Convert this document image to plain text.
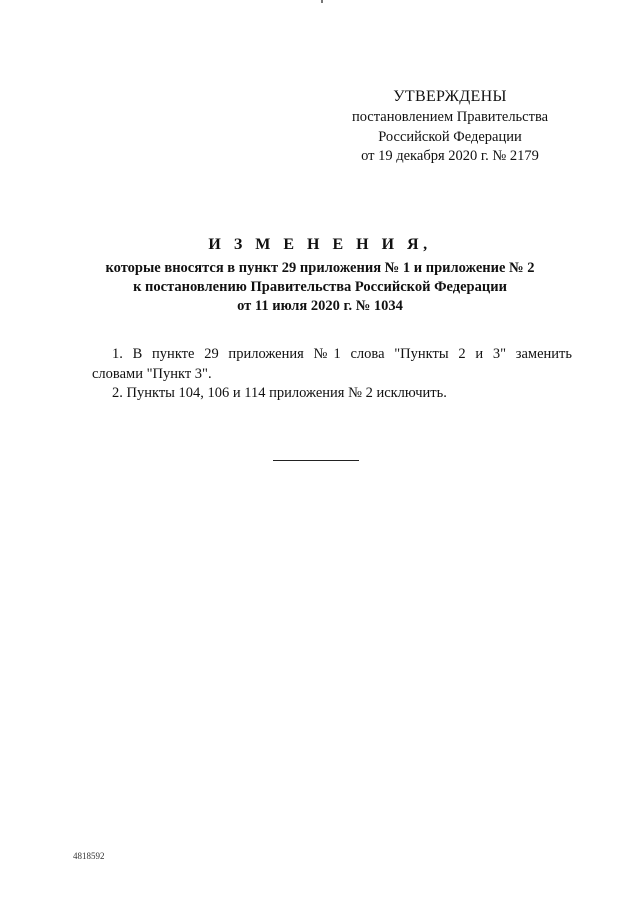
УТВЕРЖДЕНЫ
постановлением Правительства
Российской Федерации
от 19 декабря 2020 г. № 2179
И З М Е Н Е Н И Я,
которые вносятся в пункт 29 приложения № 1 и приложение № 2
к постановлению Правительства Российской Федерации
от 11 июля 2020 г. № 1034
1. В пункте 29 приложения №1 слова "Пункты 2 и 3" заменить
словами "Пункт 3".

2. Пункты 104, 106 и 114 приложения № 2 исключить.

4818592
